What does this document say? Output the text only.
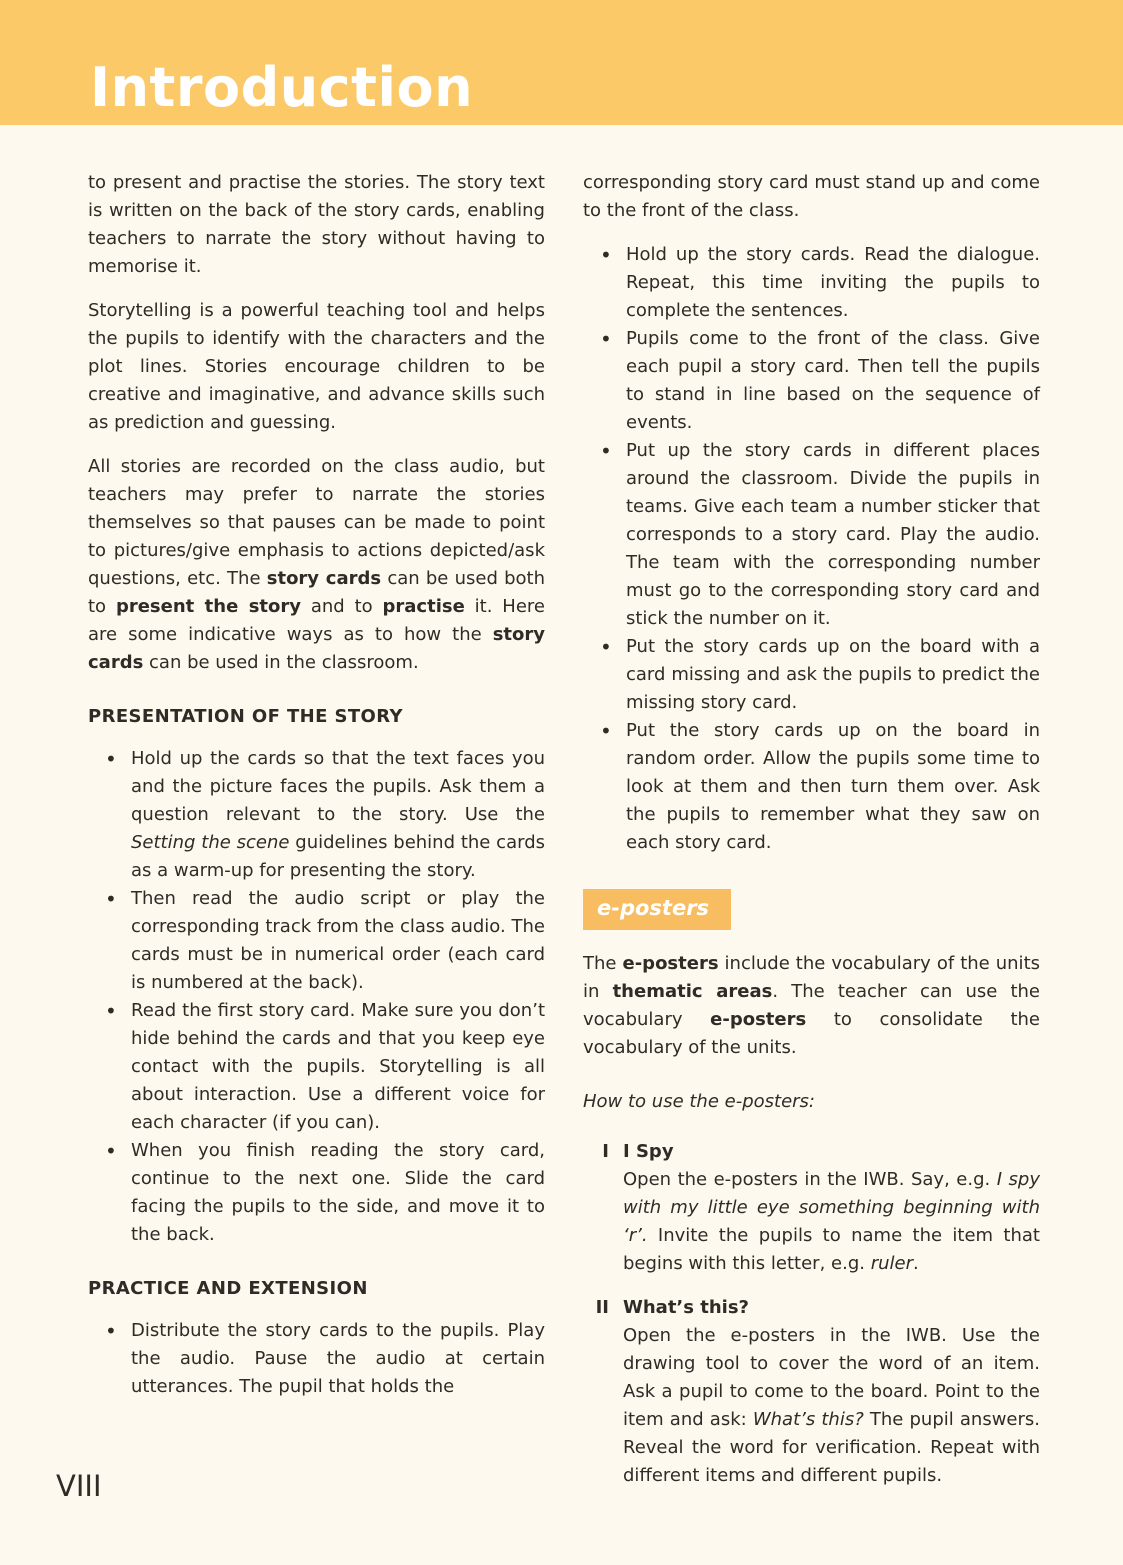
Introduction

to present and practise the stories. The story text is written on the back of the story cards, enabling teachers to narrate the story without having to memorise it.

Storytelling is a powerful teaching tool and helps the pupils to identify with the characters and the plot lines. Stories encourage children to be creative and imaginative, and advance skills such as prediction and guessing.

All stories are recorded on the class audio, but teachers may prefer to narrate the stories themselves so that pauses can be made to point to pictures/give emphasis to actions depicted/ask questions, etc. The story cards can be used both to present the story and to practise it. Here are some indicative ways as to how the story cards can be used in the classroom.

PRESENTATION OF THE STORY
• Hold up the cards so that the text faces you and the picture faces the pupils. Ask them a question relevant to the story. Use the Setting the scene guidelines behind the cards as a warm-up for presenting the story.
• Then read the audio script or play the corresponding track from the class audio. The cards must be in numerical order (each card is numbered at the back).
• Read the first story card. Make sure you don’t hide behind the cards and that you keep eye contact with the pupils. Storytelling is all about interaction. Use a different voice for each character (if you can).
• When you finish reading the story card, continue to the next one. Slide the card facing the pupils to the side, and move it to the back.
PRACTICE AND EXTENSION
• Distribute the story cards to the pupils. Play the audio. Pause the audio at certain utterances. The pupil that holds the

corresponding story card must stand up and come to the front of the class.

• Hold up the story cards. Read the dialogue. Repeat, this time inviting the pupils to complete the sentences.
• Pupils come to the front of the class. Give each pupil a story card. Then tell the pupils to stand in line based on the sequence of events.
• Put up the story cards in different places around the classroom. Divide the pupils in teams. Give each team a number sticker that corresponds to a story card. Play the audio. The team with the corresponding number must go to the corresponding story card and stick the number on it.
• Put the story cards up on the board with a card missing and ask the pupils to predict the missing story card.
• Put the story cards up on the board in random order. Allow the pupils some time to look at them and then turn them over. Ask the pupils to remember what they saw on each story card.
e-posters

The e-posters include the vocabulary of the units in thematic areas. The teacher can use the vocabulary e-posters to consolidate the vocabulary of the units.

How to use the e-posters:

I I Spy

Open the e-posters in the IWB. Say, e.g. I spy with my little eye something beginning with ‘r’. Invite the pupils to name the item that begins with this letter, e.g. ruler.

II What’s this?

Open the e-posters in the IWB. Use the drawing tool to cover the word of an item. Ask a pupil to come to the board. Point to the item and ask: What’s this? The pupil answers. Reveal the word for verification. Repeat with different items and different pupils.

VIII
